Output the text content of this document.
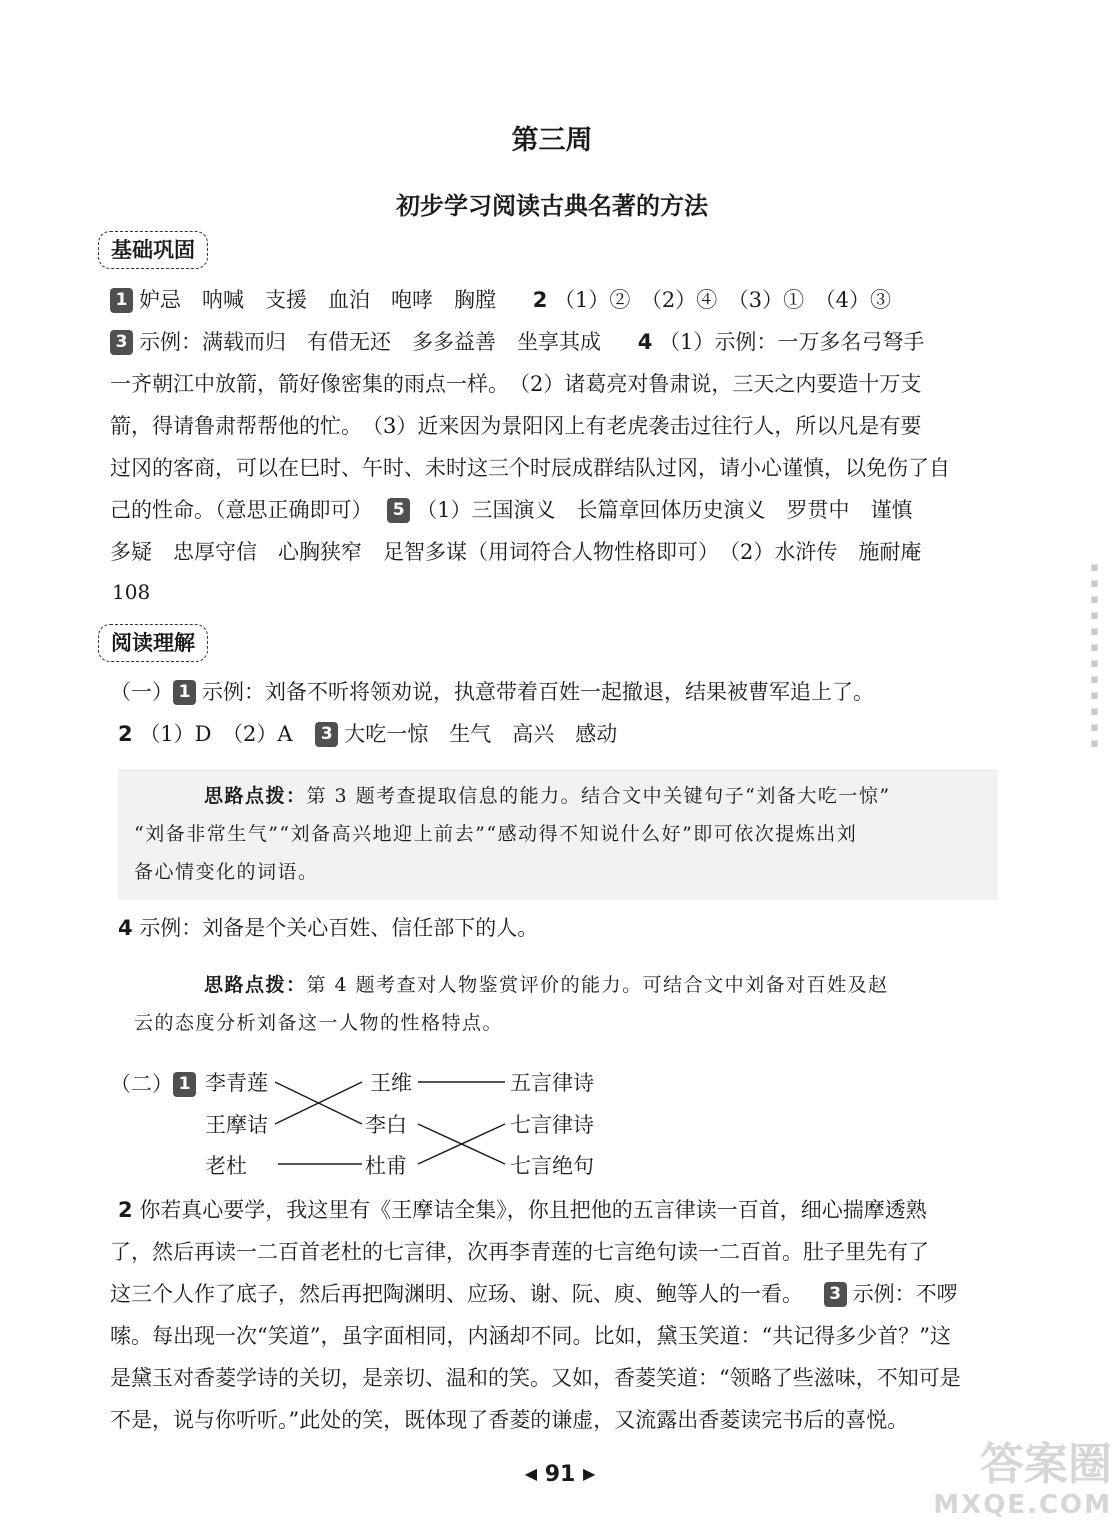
第三周
初步学习阅读古典名著的方法
基础巩固
1 妒忌　呐喊　支援　血泊　咆哮　胸膛 2 （1）②　（2）④　（3）①　（4）③
3 示例：满载而归　有借无还　多多益善　坐享其成 4 （1）示例：一万多名弓弩手
一齐朝江中放箭，箭好像密集的雨点一样。　（2）诸葛亮对鲁肃说，三天之内要造十万支
箭，得请鲁肃帮帮他的忙。　（3）近来因为景阳冈上有老虎袭击过往行人，所以凡是有要
过冈的客商，可以在巳时、午时、未时这三个时辰成群结队过冈，请小心谨慎，以免伤了自
己的性命。（意思正确即可） 5 （1）三国演义　长篇章回体历史演义　罗贯中　谨慎
多疑　忠厚守信　心胸狭窄　足智多谋（用词符合人物性格即可）　（2）水浒传　施耐庵
108
阅读理解
（一） 1 示例：刘备不听将领劝说，执意带着百姓一起撤退，结果被曹军追上了。
2 （1）D　（2）A 3 大吃一惊　生气　高兴　感动
思路点拨：第 3 题考查提取信息的能力。结合文中关键句子“刘备大吃一惊”
“刘备非常生气”“刘备高兴地迎上前去”“感动得不知说什么好”即可依次提炼出刘
备心情变化的词语。
4 示例：刘备是个关心百姓、信任部下的人。
思路点拨：第 4 题考查对人物鉴赏评价的能力。可结合文中刘备对百姓及赵
云的态度分析刘备这一人物的性格特点。
（二） 1 李青莲
王摩诘
老杜
王维
李白
杜甫
五言律诗
七言律诗
七言绝句
2 你若真心要学，我这里有《王摩诘全集》，你且把他的五言律读一百首，细心揣摩透熟
了，然后再读一二百首老杜的七言律，次再李青莲的七言绝句读一二百首。肚子里先有了
这三个人作了底子，然后再把陶渊明、应玚、谢、阮、庾、鲍等人的一看。 3 示例：不啰
嗦。每出现一次“笑道”，虽字面相同，内涵却不同。比如，黛玉笑道：“共记得多少首？”这
是黛玉对香菱学诗的关切，是亲切、温和的笑。又如，香菱笑道：“领略了些滋味，不知可是
不是，说与你听听。”此处的笑，既体现了香菱的谦虚，又流露出香菱读完书后的喜悦。
◀ 91 ▶
▪▪▪▪▪▪▪▪▪▪▪▪
答案圈
MXQE.COM
